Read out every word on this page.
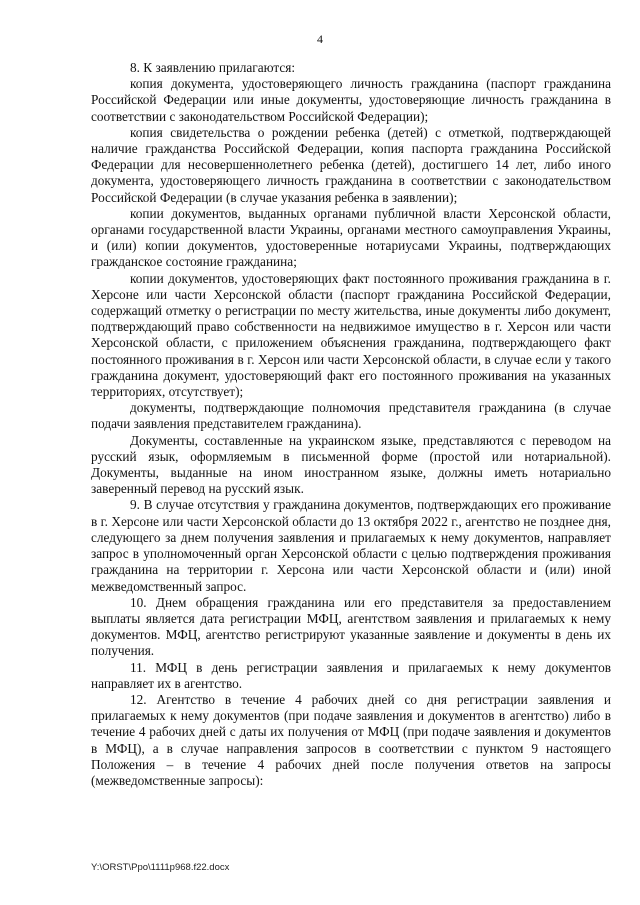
4

8. К заявлению прилагаются:

копия документа, удостоверяющего личность гражданина (паспорт гражданина Российской Федерации или иные документы, удостоверяющие личность гражданина в соответствии с законодательством Российской Федерации);

копия свидетельства о рождении ребенка (детей) с отметкой, подтверждающей наличие гражданства Российской Федерации, копия паспорта гражданина Российской Федерации для несовершеннолетнего ребенка (детей), достигшего 14 лет, либо иного документа, удостоверяющего личность гражданина в соответствии с законодательством Российской Федерации (в случае указания ребенка в заявлении);

копии документов, выданных органами публичной власти Херсонской области, органами государственной власти Украины, органами местного самоуправления Украины, и (или) копии документов, удостоверенные нотариусами Украины, подтверждающих гражданское состояние гражданина;

копии документов, удостоверяющих факт постоянного проживания гражданина в г. Херсоне или части Херсонской области (паспорт гражданина Российской Федерации, содержащий отметку о регистрации по месту жительства, иные документы либо документ, подтверждающий право собственности на недвижимое имущество в г. Херсон или части Херсонской области, с приложением объяснения гражданина, подтверждающего факт постоянного проживания в г. Херсон или части Херсонской области, в случае если у такого гражданина документ, удостоверяющий факт его постоянного проживания на указанных территориях, отсутствует);

документы, подтверждающие полномочия представителя гражданина (в случае подачи заявления представителем гражданина).

Документы, составленные на украинском языке, представляются с переводом на русский язык, оформляемым в письменной форме (простой или нотариальной). Документы, выданные на ином иностранном языке, должны иметь нотариально заверенный перевод на русский язык.

9. В случае отсутствия у гражданина документов, подтверждающих его проживание в г. Херсоне или части Херсонской области до 13 октября 2022 г., агентство не позднее дня, следующего за днем получения заявления и прилагаемых к нему документов, направляет запрос в уполномоченный орган Херсонской области с целью подтверждения проживания гражданина на территории г. Херсона или части Херсонской области и (или) иной межведомственный запрос.

10. Днем обращения гражданина или его представителя за предоставлением выплаты является дата регистрации МФЦ, агентством заявления и прилагаемых к нему документов. МФЦ, агентство регистрируют указанные заявление и документы в день их получения.

11. МФЦ в день регистрации заявления и прилагаемых к нему документов направляет их в агентство.

12. Агентство в течение 4 рабочих дней со дня регистрации заявления и прилагаемых к нему документов (при подаче заявления и документов в агентство) либо в течение 4 рабочих дней с даты их получения от МФЦ (при подаче заявления и документов в МФЦ), а в случае направления запросов в соответствии с пунктом 9 настоящего Положения – в течение 4 рабочих дней после получения ответов на запросы (межведомственные запросы):

Y:\ORST\Ppo\1111p968.f22.docx
